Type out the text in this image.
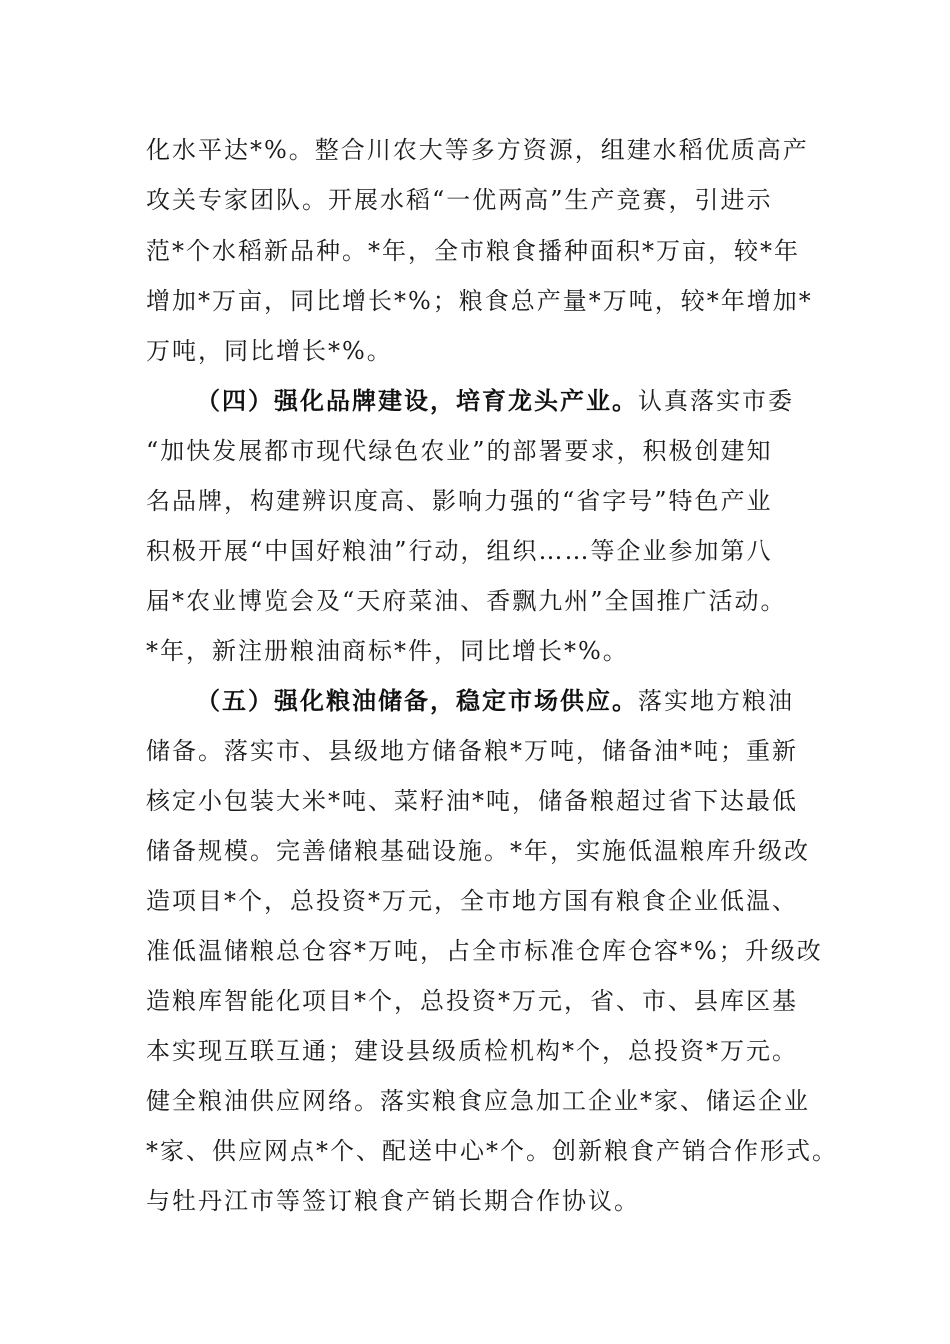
化水平达*%。整合川农大等多方资源，组建水稻优质高产
攻关专家团队。开展水稻“一优两高”生产竞赛，引进示
范*个水稻新品种。*年，全市粮食播种面积*万亩，较*年
增加*万亩，同比增长*%；粮食总产量*万吨，较*年增加*
万吨，同比增长*%。
（四）强化品牌建设，培育龙头产业。认真落实市委
“加快发展都市现代绿色农业”的部署要求，积极创建知
名品牌，构建辨识度高、影响力强的“省字号”特色产业
积极开展“中国好粮油”行动，组织……等企业参加第八
届*农业博览会及“天府菜油、香飘九州”全国推广活动。
*年，新注册粮油商标*件，同比增长*%。
（五）强化粮油储备，稳定市场供应。落实地方粮油
储备。落实市、县级地方储备粮*万吨，储备油*吨；重新
核定小包装大米*吨、菜籽油*吨，储备粮超过省下达最低
储备规模。完善储粮基础设施。*年，实施低温粮库升级改
造项目*个，总投资*万元，全市地方国有粮食企业低温、
准低温储粮总仓容*万吨，占全市标准仓库仓容*%；升级改
造粮库智能化项目*个，总投资*万元，省、市、县库区基
本实现互联互通；建设县级质检机构*个，总投资*万元。
健全粮油供应网络。落实粮食应急加工企业*家、储运企业
*家、供应网点*个、配送中心*个。创新粮食产销合作形式。
与牡丹江市等签订粮食产销长期合作协议。
